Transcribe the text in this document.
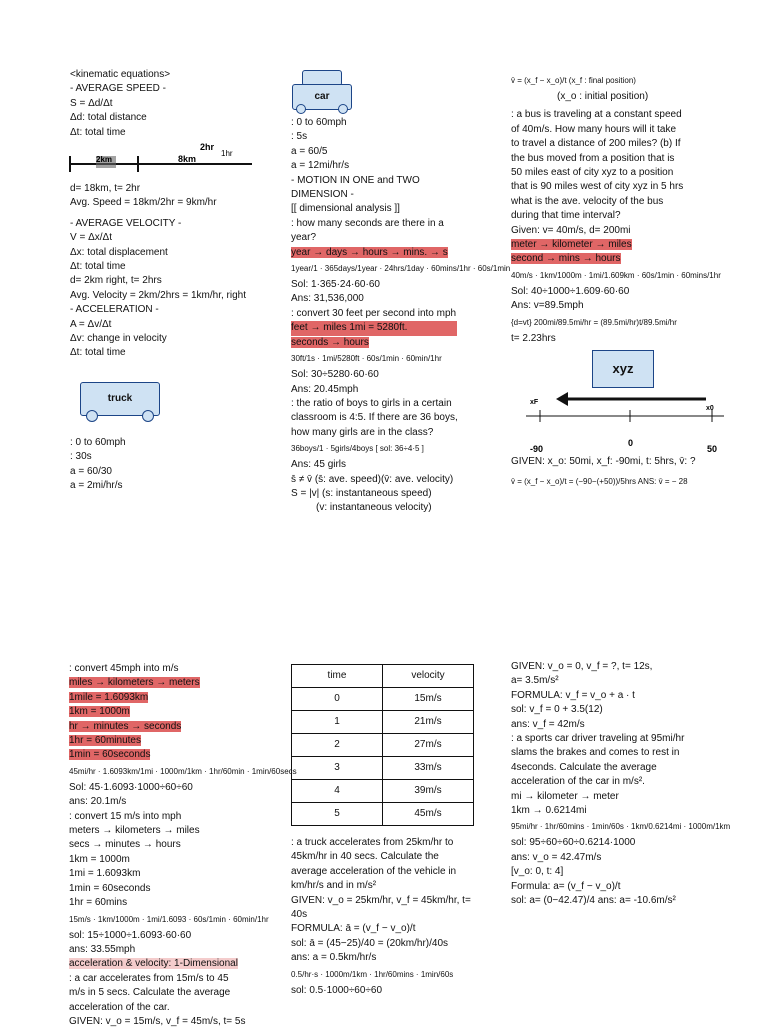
<kinematic equations>
- AVERAGE SPEED -
S = Δd/Δt
Δd: total distance
Δt: total time
2hr
1hr
2km	8km
d= 18km, t= 2hr
Avg. Speed = 18km/2hr = 9km/hr
- AVERAGE VELOCITY -
V = Δx/Δt
Δx: total displacement
Δt: total time
d= 2km right, t= 2hrs
Avg. Velocity = 2km/2hrs = 1km/hr, right
- ACCELERATION -
A = Δv/Δt
Δv: change in velocity
Δt: total time
truck
: 0 to 60mph
: 30s
a = 60/30
a = 2mi/hr/s
car
: 0 to 60mph
: 5s
a = 60/5
a = 12mi/hr/s
- MOTION IN ONE and TWO
DIMENSION -
[[ dimensional analysis ]]
: how many seconds are there in a
year?
year → days → hours → mins. → s
1year/1 · 365days/1year · 24hrs/1day · 60mins/1hr · 60s/1min
Sol: 1·365·24·60·60
Ans: 31,536,000
: convert 30 feet per second into mph
feet → miles 1mi = 5280ft.
seconds → hours
30ft/1s · 1mi/5280ft · 60s/1min · 60min/1hr
Sol: 30÷5280·60·60
Ans: 20.45mph
: the ratio of boys to girls in a certain
classroom is 4:5. If there are 36 boys,
how many girls are in the class?
36boys/1 · 5girls/4boys [ sol: 36÷4·5 ]
Ans: 45 girls
s̄ ≠ v̄ (s̄: ave. speed)(v̄: ave. velocity)
S = |v| (s: instantaneous speed)
(v: instantaneous velocity)
v̄ = (x_f − x_o)/t (x_f : final position)
(x_o : initial position)
: a bus is traveling at a constant speed
of 40m/s. How many hours will it take
to travel a distance of 200 miles? (b) If
the bus moved from a position that is
50 miles east of city xyz to a position
that is 90 miles west of city xyz in 5 hrs
what is the ave. velocity of the bus
during that time interval?
Given: v= 40m/s, d= 200mi
meter → kilometer → miles
second → mins → hours
40m/s · 1km/1000m · 1mi/1.609km · 60s/1min · 60mins/1hr
Sol: 40÷1000÷1.609·60·60
Ans: v=89.5mph
{d=vt} 200mi/89.5mi/hr = (89.5mi/hr)t/89.5mi/hr
t= 2.23hrs
xyz
xF
x0
-90
0
50
GIVEN: x_o: 50mi, x_f: -90mi, t: 5hrs, v̄: ?
v̄ = (x_f − x_o)/t = (−90−(+50))/5hrs ANS: v̄ = − 28
: convert 45mph into m/s
miles → kilometers → meters
1mile = 1.6093km
1km = 1000m
hr → minutes → seconds
1hr = 60minutes
1min = 60seconds
45mi/hr · 1.6093km/1mi · 1000m/1km · 1hr/60min · 1min/60secs
Sol: 45·1.6093·1000÷60÷60
ans: 20.1m/s
: convert 15 m/s into mph
meters → kilometers → miles
secs → minutes → hours
1km = 1000m
1mi = 1.6093km
1min = 60seconds
1hr = 60mins
15m/s · 1km/1000m · 1mi/1.6093 · 60s/1min · 60min/1hr
sol: 15÷1000÷1.6093·60·60
ans: 33.55mph
acceleration & velocity: 1-Dimensional
: a car accelerates from 15m/s to 45
m/s in 5 secs. Calculate the average
acceleration of the car.
GIVEN: v_o = 15m/s, v_f = 45m/s, t= 5s
time	velocity
0	15m/s
1	21m/s
2	27m/s
3	33m/s
4	39m/s
5	45m/s
: a truck accelerates from 25km/hr to
45km/hr in 40 secs. Calculate the
average acceleration of the vehicle in
km/hr/s and in m/s²
GIVEN: v_o = 25km/hr, v_f = 45km/hr, t=
40s
FORMULA: ā = (v_f − v_o)/t
sol: ā = (45−25)/40 = (20km/hr)/40s
ans: a = 0.5km/hr/s
0.5/hr·s · 1000m/1km · 1hr/60mins · 1min/60s
sol: 0.5·1000÷60÷60
GIVEN: v_o = 0, v_f = ?, t= 12s,
a= 3.5m/s²
FORMULA: v_f = v_o + a · t
sol: v_f = 0 + 3.5(12)
ans: v_f = 42m/s
: a sports car driver traveling at 95mi/hr
slams the brakes and comes to rest in
4seconds. Calculate the average
acceleration of the car in m/s².
mi → kilometer → meter
1km → 0.6214mi
95mi/hr · 1hr/60mins · 1min/60s · 1km/0.6214mi · 1000m/1km
sol: 95÷60÷60÷0.6214·1000
ans: v_o = 42.47m/s
[v_o: 0, t: 4]
Formula: a= (v_f − v_o)/t
sol: a= (0−42.47)/4 ans: a= -10.6m/s²
